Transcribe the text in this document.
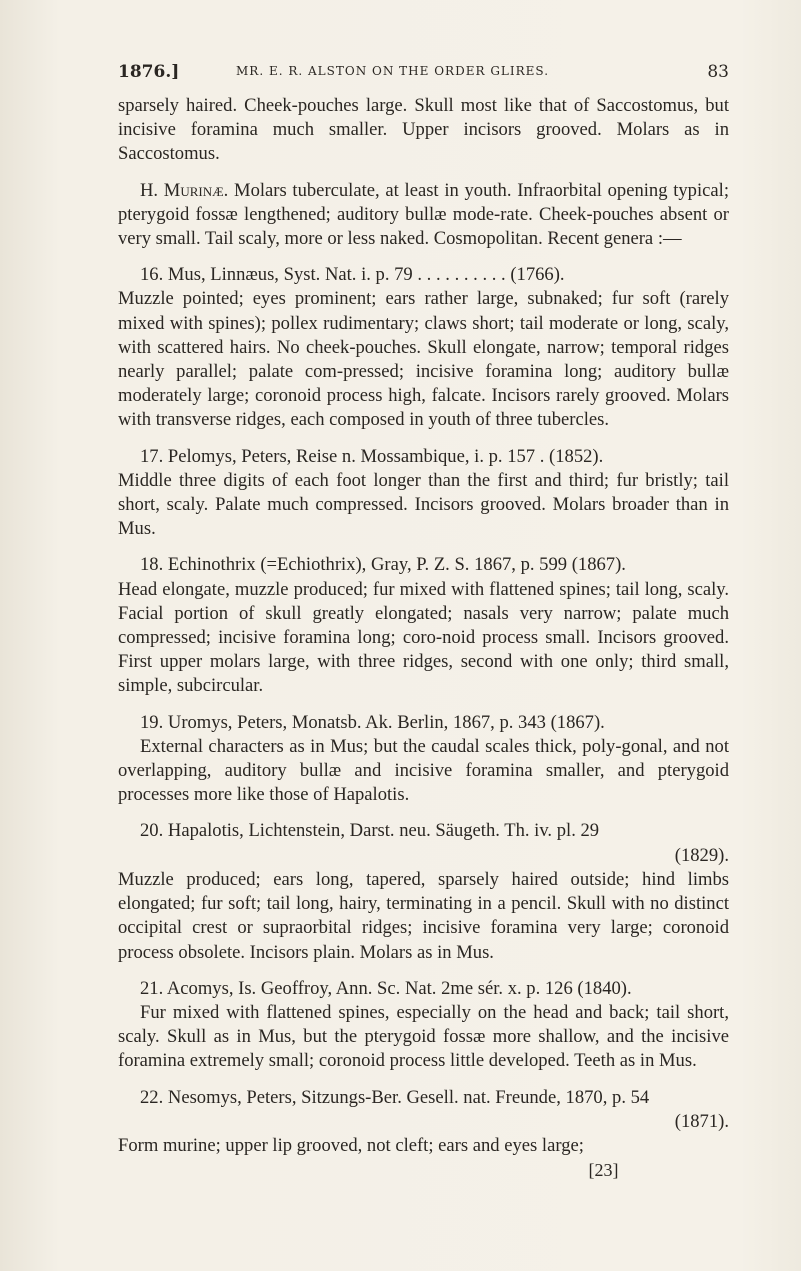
1876.]	MR. E. R. ALSTON ON THE ORDER GLIRES.	83

sparsely haired. Cheek-pouches large. Skull most like that of Saccostomus, but incisive foramina much smaller. Upper incisors grooved. Molars as in Saccostomus.

H. Murinæ. Molars tuberculate, at least in youth. Infraorbital opening typical; pterygoid fossæ lengthened; auditory bullæ mode-rate. Cheek-pouches absent or very small. Tail scaly, more or less naked. Cosmopolitan. Recent genera :—

16. Mus, Linnæus, Syst. Nat. i. p. 79 . . . . . . . . . . (1766).

Muzzle pointed; eyes prominent; ears rather large, subnaked; fur soft (rarely mixed with spines); pollex rudimentary; claws short; tail moderate or long, scaly, with scattered hairs. No cheek-pouches. Skull elongate, narrow; temporal ridges nearly parallel; palate com-pressed; incisive foramina long; auditory bullæ moderately large; coronoid process high, falcate. Incisors rarely grooved. Molars with transverse ridges, each composed in youth of three tubercles.

17. Pelomys, Peters, Reise n. Mossambique, i. p. 157 . (1852).

Middle three digits of each foot longer than the first and third; fur bristly; tail short, scaly. Palate much compressed. Incisors grooved. Molars broader than in Mus.

18. Echinothrix (=Echiothrix), Gray, P. Z. S. 1867, p. 599 (1867).

Head elongate, muzzle produced; fur mixed with flattened spines; tail long, scaly. Facial portion of skull greatly elongated; nasals very narrow; palate much compressed; incisive foramina long; coro-noid process small. Incisors grooved. First upper molars large, with three ridges, second with one only; third small, simple, subcircular.

19. Uromys, Peters, Monatsb. Ak. Berlin, 1867, p. 343 (1867).

External characters as in Mus; but the caudal scales thick, poly-gonal, and not overlapping, auditory bullæ and incisive foramina smaller, and pterygoid processes more like those of Hapalotis.

20. Hapalotis, Lichtenstein, Darst. neu. Säugeth. Th. iv. pl. 29

(1829).

Muzzle produced; ears long, tapered, sparsely haired outside; hind limbs elongated; fur soft; tail long, hairy, terminating in a pencil. Skull with no distinct occipital crest or supraorbital ridges; incisive foramina very large; coronoid process obsolete. Incisors plain. Molars as in Mus.

21. Acomys, Is. Geoffroy, Ann. Sc. Nat. 2me sér. x. p. 126 (1840).

Fur mixed with flattened spines, especially on the head and back; tail short, scaly. Skull as in Mus, but the pterygoid fossæ more shallow, and the incisive foramina extremely small; coronoid process little developed. Teeth as in Mus.

22. Nesomys, Peters, Sitzungs-Ber. Gesell. nat. Freunde, 1870, p. 54

(1871).

Form murine; upper lip grooved, not cleft; ears and eyes large;

[23]
